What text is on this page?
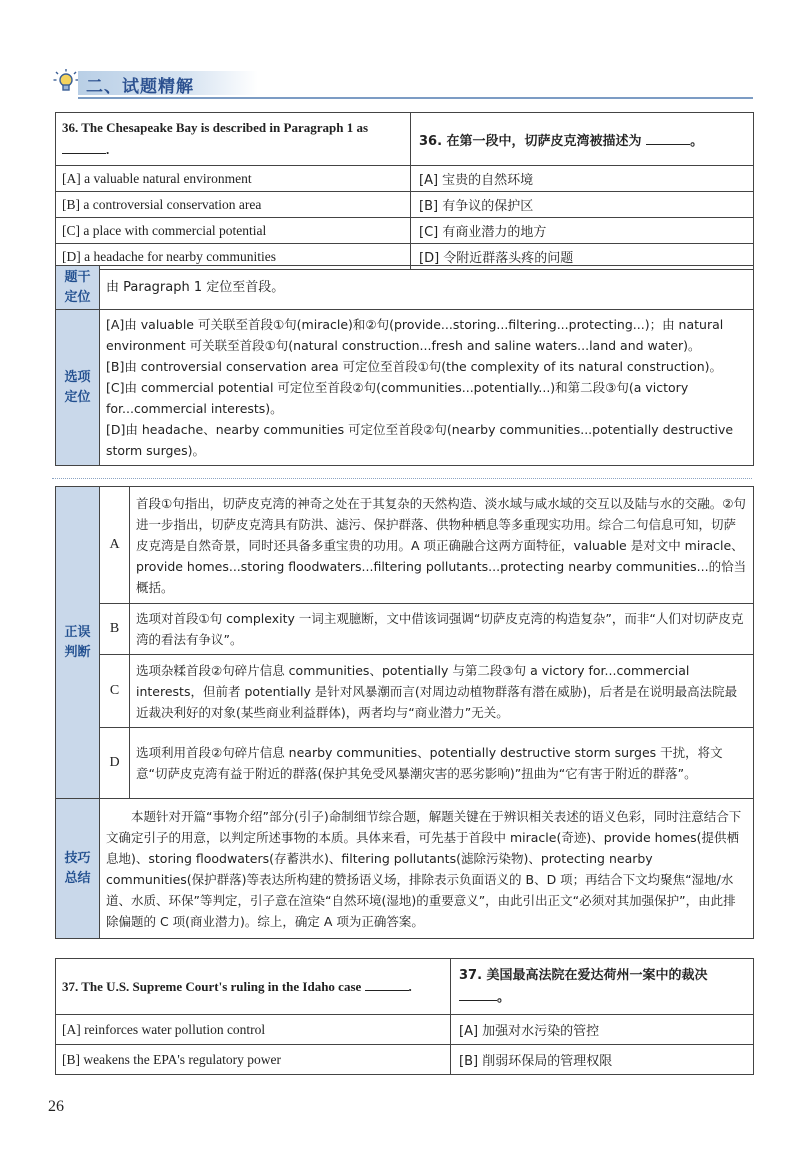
二、试题精解
36. The Chesapeake Bay is described in Paragraph 1 as .	36. 在第一段中，切萨皮克湾被描述为 。
[A] a valuable natural environment	[A] 宝贵的自然环境
[B] a controversial conservation area	[B] 有争议的保护区
[C] a place with commercial potential	[C] 有商业潜力的地方
[D] a headache for nearby communities	[D] 令附近群落头疼的问题
题干定位	由 Paragraph 1 定位至首段。

选项定位	[A]由 valuable 可关联至首段①句(miracle)和②句(provide...storing...filtering...protecting...)；由 natural environment 可关联至首段①句(natural construction...fresh and saline waters...land and water)。
[B]由 controversial conservation area 可定位至首段①句(the complexity of its natural construction)。
[C]由 commercial potential 可定位至首段②句(communities...potentially...)和第二段③句(a victory for...commercial interests)。
[D]由 headache、nearby communities 可定位至首段②句(nearby communities...potentially destructive storm surges)。
正误判断	A	首段①句指出，切萨皮克湾的神奇之处在于其复杂的天然构造、淡水域与咸水域的交互以及陆与水的交融。②句进一步指出，切萨皮克湾具有防洪、滤污、保护群落、供物种栖息等多重现实功用。综合二句信息可知，切萨皮克湾是自然奇景，同时还具备多重宝贵的功用。A 项正确融合这两方面特征，valuable 是对文中 miracle、provide homes...storing floodwaters...filtering pollutants...protecting nearby communities...的恰当概括。
	B	选项对首段①句 complexity 一词主观臆断，文中借该词强调“切萨皮克湾的构造复杂”，而非“人们对切萨皮克湾的看法有争议”。
	C	选项杂糅首段②句碎片信息 communities、potentially 与第二段③句 a victory for...commercial interests，但前者 potentially 是针对风暴潮而言(对周边动植物群落有潜在威胁)，后者是在说明最高法院最近裁决利好的对象(某些商业利益群体)，两者均与“商业潜力”无关。
	D	选项利用首段②句碎片信息 nearby communities、potentially destructive storm surges 干扰，将文意“切萨皮克湾有益于附近的群落(保护其免受风暴潮灾害的恶劣影响)”扭曲为“它有害于附近的群落”。

技巧总结	本题针对开篇“事物介绍”部分(引子)命制细节综合题，解题关键在于辨识相关表述的语义色彩，同时注意结合下文确定引子的用意，以判定所述事物的本质。具体来看，可先基于首段中 miracle(奇迹)、provide homes(提供栖息地)、storing floodwaters(存蓄洪水)、filtering pollutants(滤除污染物)、protecting nearby communities(保护群落)等表达所构建的赞扬语义场，排除表示负面语义的 B、D 项；再结合下文均聚焦“湿地/水道、水质、环保”等判定，引子意在渲染“自然环境(湿地)的重要意义”，由此引出正文“必须对其加强保护”，由此排除偏题的 C 项(商业潜力)。综上，确定 A 项为正确答案。	
37. The U.S. Supreme Court's ruling in the Idaho case .	37. 美国最高法院在爱达荷州一案中的裁决 。
[A] reinforces water pollution control	[A] 加强对水污染的管控
[B] weakens the EPA's regulatory power	[B] 削弱环保局的管理权限
26
